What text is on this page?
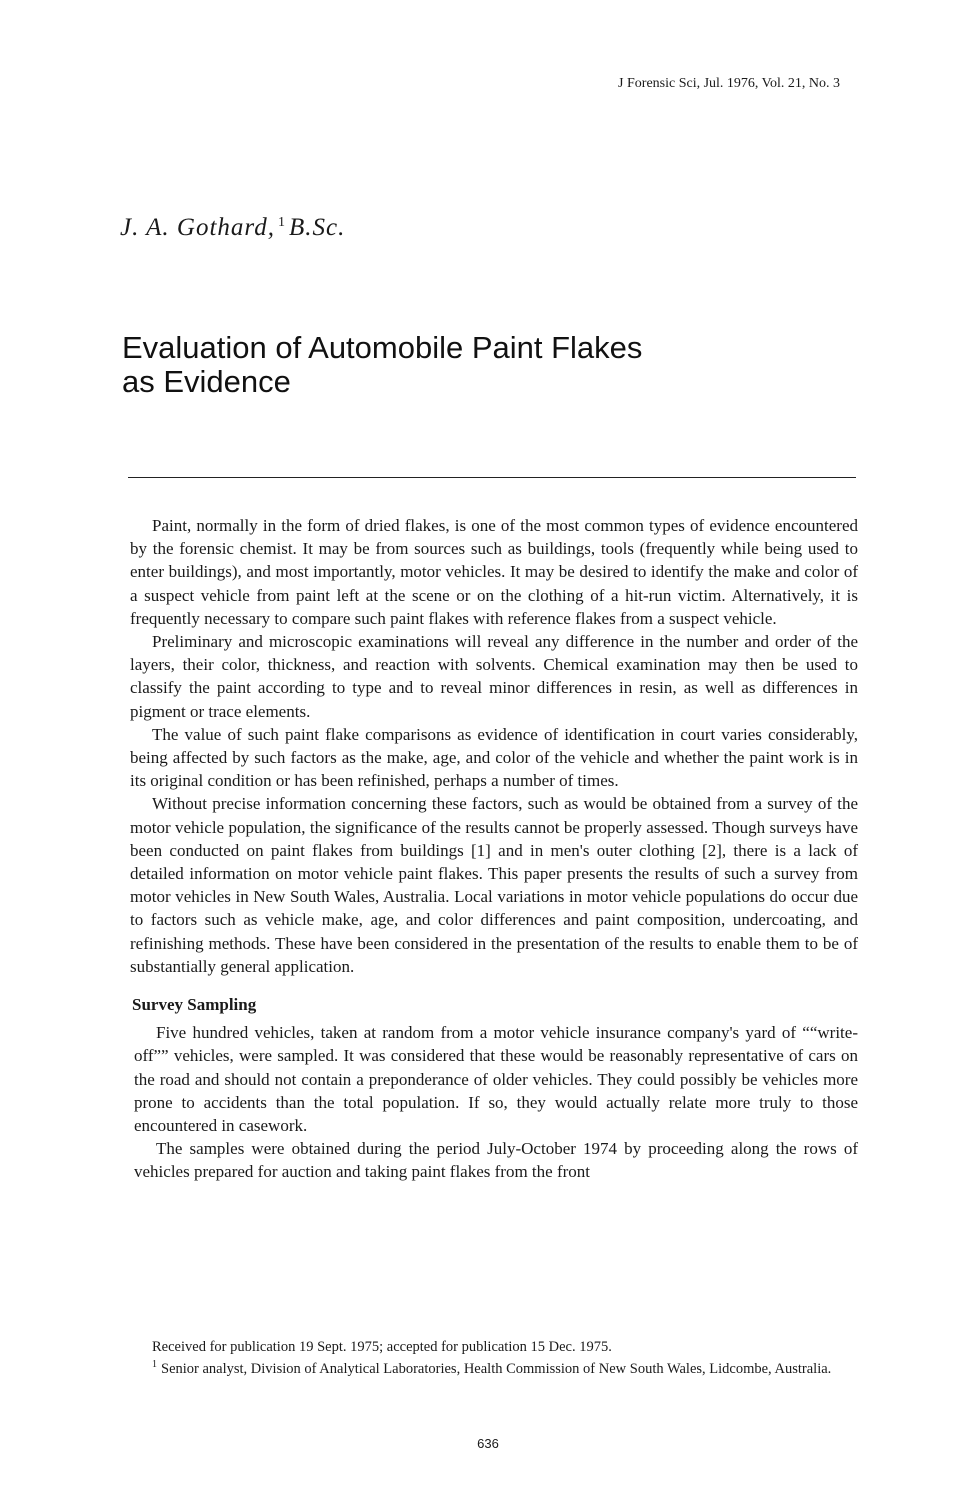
J Forensic Sci, Jul. 1976, Vol. 21, No. 3
J. A. Gothard, $^1$ B.Sc.
Evaluation of Automobile Paint Flakes
as Evidence

Paint, normally in the form of dried flakes, is one of the most common types of evidence encountered by the forensic chemist. It may be from sources such as buildings, tools (frequently while being used to enter buildings), and most importantly, motor vehicles. It may be desired to identify the make and color of a suspect vehicle from paint left at the scene or on the clothing of a hit-run victim. Alternatively, it is frequently necessary to compare such paint flakes with reference flakes from a suspect vehicle.

Preliminary and microscopic examinations will reveal any difference in the number and order of the layers, their color, thickness, and reaction with solvents. Chemical examination may then be used to classify the paint according to type and to reveal minor differences in resin, as well as differences in pigment or trace elements.

The value of such paint flake comparisons as evidence of identification in court varies considerably, being affected by such factors as the make, age, and color of the vehicle and whether the paint work is in its original condition or has been refinished, perhaps a number of times.

Without precise information concerning these factors, such as would be obtained from a survey of the motor vehicle population, the significance of the results cannot be properly assessed. Though surveys have been conducted on paint flakes from buildings [1] and in men's outer clothing [2], there is a lack of detailed information on motor vehicle paint flakes. This paper presents the results of such a survey from motor vehicles in New South Wales, Australia. Local variations in motor vehicle populations do occur due to factors such as vehicle make, age, and color differences and paint composition, undercoating, and refinishing methods. These have been considered in the presentation of the results to enable them to be of substantially general application.

Survey Sampling

Five hundred vehicles, taken at random from a motor vehicle insurance company's yard of ““write-off”” vehicles, were sampled. It was considered that these would be reasonably representative of cars on the road and should not contain a preponderance of older vehicles. They could possibly be vehicles more prone to accidents than the total population. If so, they would actually relate more truly to those encountered in casework.

The samples were obtained during the period July-October 1974 by proceeding along the rows of vehicles prepared for auction and taking paint flakes from the front

Received for publication 19 Sept. 1975; accepted for publication 15 Dec. 1975.

$^1$ Senior analyst, Division of Analytical Laboratories, Health Commission of New South Wales, Lidcombe, Australia.

636
